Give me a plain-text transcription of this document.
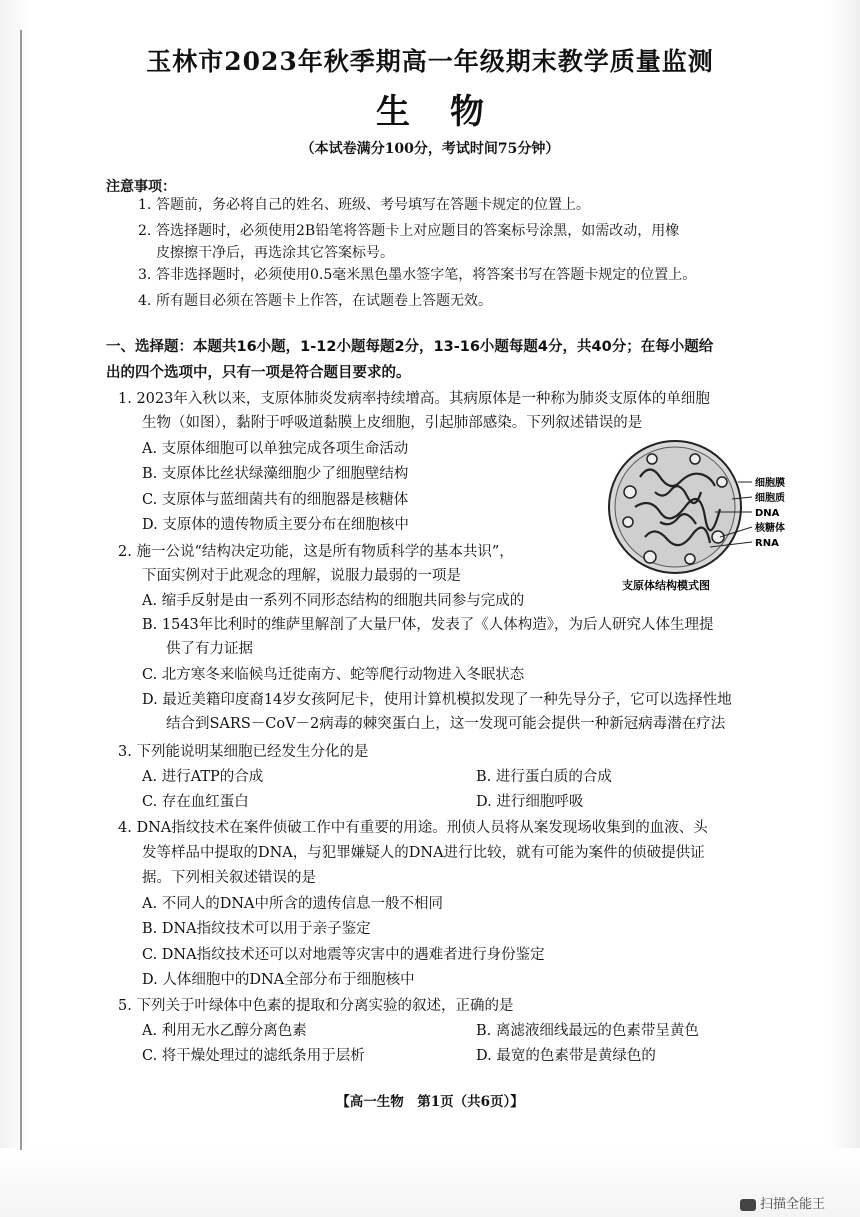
玉林市2023年秋季期高一年级期末教学质量监测
生物
（本试卷满分100分，考试时间75分钟）
注意事项：
1. 答题前，务必将自己的姓名、班级、考号填写在答题卡规定的位置上。
2. 答选择题时，必须使用2B铅笔将答题卡上对应题目的答案标号涂黑，如需改动，用橡
皮擦擦干净后，再选涂其它答案标号。
3. 答非选择题时，必须使用0.5毫米黑色墨水签字笔，将答案书写在答题卡规定的位置上。
4. 所有题目必须在答题卡上作答，在试题卷上答题无效。
一、选择题：本题共16小题，1-12小题每题2分，13-16小题每题4分，共40分；在每小题给
出的四个选项中，只有一项是符合题目要求的。
1. 2023年入秋以来，支原体肺炎发病率持续增高。其病原体是一种称为肺炎支原体的单细胞
生物（如图），黏附于呼吸道黏膜上皮细胞，引起肺部感染。下列叙述错误的是
A. 支原体细胞可以单独完成各项生命活动
B. 支原体比丝状绿藻细胞少了细胞壁结构
C. 支原体与蓝细菌共有的细胞器是核糖体
D. 支原体的遗传物质主要分布在细胞核中
细胞膜
细胞质
DNA
核糖体
RNA
支原体结构模式图
2. 施一公说“结构决定功能，这是所有物质科学的基本共识”，
下面实例对于此观念的理解，说服力最弱的一项是
A. 缩手反射是由一系列不同形态结构的细胞共同参与完成的
B. 1543年比利时的维萨里解剖了大量尸体，发表了《人体构造》，为后人研究人体生理提
供了有力证据
C. 北方寒冬来临候鸟迁徙南方、蛇等爬行动物进入冬眠状态
D. 最近美籍印度裔14岁女孩阿尼卡，使用计算机模拟发现了一种先导分子，它可以选择性地
结合到SARS－CoV－2病毒的棘突蛋白上，这一发现可能会提供一种新冠病毒潜在疗法
3. 下列能说明某细胞已经发生分化的是
A. 进行ATP的合成	B. 进行蛋白质的合成
C. 存在血红蛋白	D. 进行细胞呼吸
4. DNA指纹技术在案件侦破工作中有重要的用途。刑侦人员将从案发现场收集到的血液、头
发等样品中提取的DNA，与犯罪嫌疑人的DNA进行比较，就有可能为案件的侦破提供证
据。下列相关叙述错误的是
A. 不同人的DNA中所含的遗传信息一般不相同
B. DNA指纹技术可以用于亲子鉴定
C. DNA指纹技术还可以对地震等灾害中的遇难者进行身份鉴定
D. 人体细胞中的DNA全部分布于细胞核中
5. 下列关于叶绿体中色素的提取和分离实验的叙述，正确的是
A. 利用无水乙醇分离色素	B. 离滤液细线最远的色素带呈黄色
C. 将干燥处理过的滤纸条用于层析	D. 最宽的色素带是黄绿色的
【高一生物　第1页（共6页）】
扫描全能王
